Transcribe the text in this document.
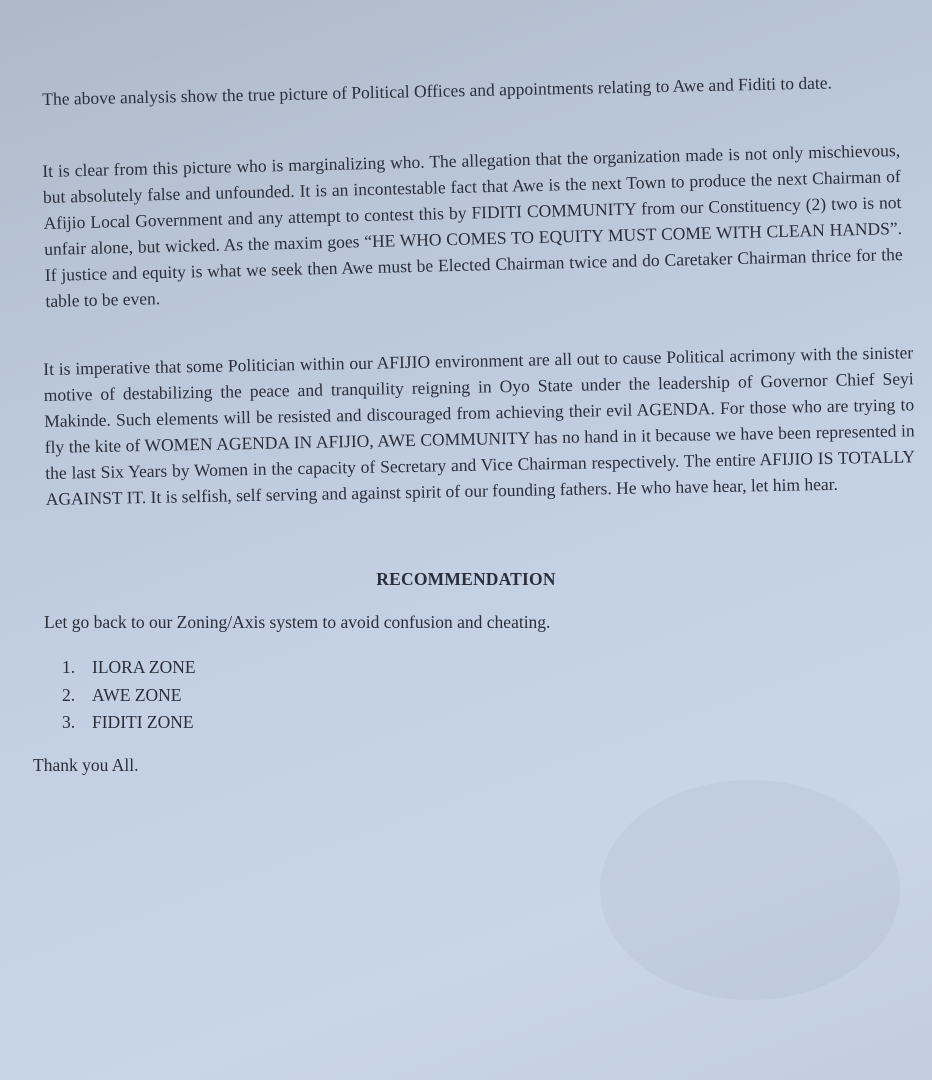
The above analysis show the true picture of Political Offices and appointments relating to Awe and Fiditi to date.

It is clear from this picture who is marginalizing who. The allegation that the organization made is not only mischievous, but absolutely false and unfounded. It is an incontestable fact that Awe is the next Town to produce the next Chairman of Afijio Local Government and any attempt to contest this by FIDITI COMMUNITY from our Constituency (2) two is not unfair alone, but wicked. As the maxim goes “HE WHO COMES TO EQUITY MUST COME WITH CLEAN HANDS”. If justice and equity is what we seek then Awe must be Elected Chairman twice and do Caretaker Chairman thrice for the table to be even.

It is imperative that some Politician within our AFIJIO environment are all out to cause Political acrimony with the sinister motive of destabilizing the peace and tranquility reigning in Oyo State under the leadership of Governor Chief Seyi Makinde. Such elements will be resisted and discouraged from achieving their evil AGENDA. For those who are trying to fly the kite of WOMEN AGENDA IN AFIJIO, AWE COMMUNITY has no hand in it because we have been represented in the last Six Years by Women in the capacity of Secretary and Vice Chairman respectively. The entire AFIJIO IS TOTALLY AGAINST IT. It is selfish, self serving and against spirit of our founding fathers. He who have hear, let him hear.

RECOMMENDATION
Let go back to our Zoning/Axis system to avoid confusion and cheating.
1. ILORA ZONE
2. AWE ZONE
3. FIDITI ZONE
Thank you All.
